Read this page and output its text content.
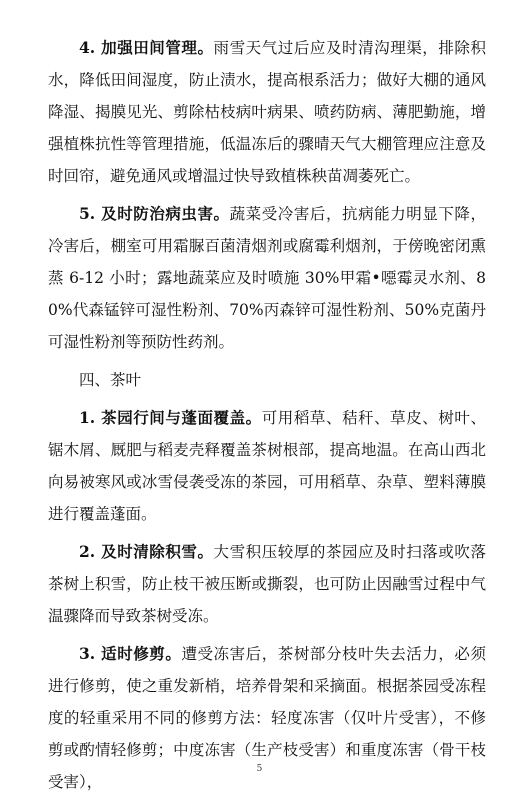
4. 加强田间管理。雨雪天气过后应及时清沟理渠，排除积水，降低田间湿度，防止渍水，提高根系活力；做好大棚的通风降湿、揭膜见光、剪除枯枝病叶病果、喷药防病、薄肥勤施，增强植株抗性等管理措施，低温冻后的骤晴天气大棚管理应注意及时回帘，避免通风或增温过快导致植株秧苗凋萎死亡。

5. 及时防治病虫害。蔬菜受冷害后，抗病能力明显下降，冷害后，棚室可用霜脲百菌清烟剂或腐霉利烟剂，于傍晚密闭熏蒸 6-12 小时；露地蔬菜应及时喷施 30%甲霜•噁霉灵水剂、80%代森锰锌可湿性粉剂、70%丙森锌可湿性粉剂、50%克菌丹可湿性粉剂等预防性药剂。

四、茶叶

1. 茶园行间与蓬面覆盖。可用稻草、秸秆、草皮、树叶、锯木屑、厩肥与稻麦壳释覆盖茶树根部，提高地温。在高山西北向易被寒风或冰雪侵袭受冻的茶园，可用稻草、杂草、塑料薄膜进行覆盖蓬面。

2. 及时清除积雪。大雪积压较厚的茶园应及时扫落或吹落茶树上积雪，防止枝干被压断或撕裂，也可防止因融雪过程中气温骤降而导致茶树受冻。

3. 适时修剪。遭受冻害后，茶树部分枝叶失去活力，必须进行修剪，使之重发新梢，培养骨架和采摘面。根据茶园受冻程度的轻重采用不同的修剪方法：轻度冻害（仅叶片受害），不修剪或酌情轻修剪；中度冻害（生产枝受害）和重度冻害（骨干枝受害），

5
